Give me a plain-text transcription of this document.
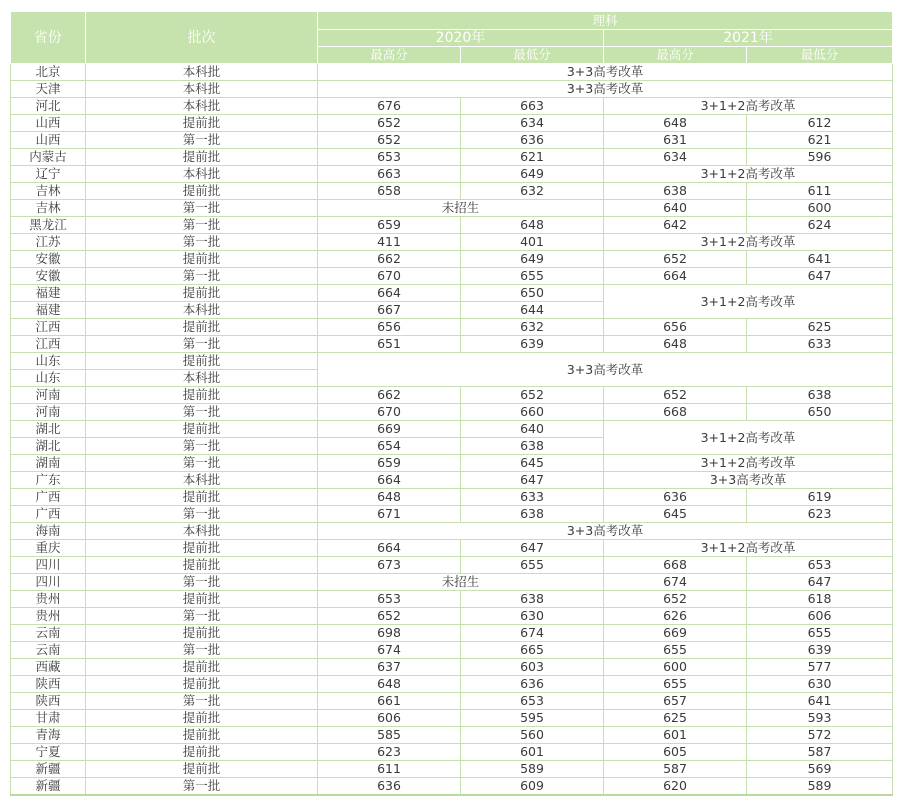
省份	批次	理科			
		2020年		2021年	
		最高分	最低分	最高分	最低分
北京	本科批	3+3高考改革			
天津	本科批	3+3高考改革			
河北	本科批	676	663	3+1+2高考改革	
山西	提前批	652	634	648	612
山西	第一批	652	636	631	621
内蒙古	提前批	653	621	634	596
辽宁	本科批	663	649	3+1+2高考改革	
吉林	提前批	658	632	638	611
吉林	第一批	未招生		640	600
黑龙江	第一批	659	648	642	624
江苏	第一批	411	401	3+1+2高考改革	
安徽	提前批	662	649	652	641
安徽	第一批	670	655	664	647
福建	提前批	664	650	3+1+2高考改革	
福建	本科批	667	644		
江西	提前批	656	632	656	625
江西	第一批	651	639	648	633
山东	提前批	3+3高考改革			
山东	本科批				
河南	提前批	662	652	652	638
河南	第一批	670	660	668	650
湖北	提前批	669	640	3+1+2高考改革	
湖北	第一批	654	638		
湖南	第一批	659	645	3+1+2高考改革	
广东	本科批	664	647	3+3高考改革	
广西	提前批	648	633	636	619
广西	第一批	671	638	645	623
海南	本科批	3+3高考改革			
重庆	提前批	664	647	3+1+2高考改革	
四川	提前批	673	655	668	653
四川	第一批	未招生		674	647
贵州	提前批	653	638	652	618
贵州	第一批	652	630	626	606
云南	提前批	698	674	669	655
云南	第一批	674	665	655	639
西藏	提前批	637	603	600	577
陕西	提前批	648	636	655	630
陕西	第一批	661	653	657	641
甘肃	提前批	606	595	625	593
青海	提前批	585	560	601	572
宁夏	提前批	623	601	605	587
新疆	提前批	611	589	587	569
新疆	第一批	636	609	620	589
